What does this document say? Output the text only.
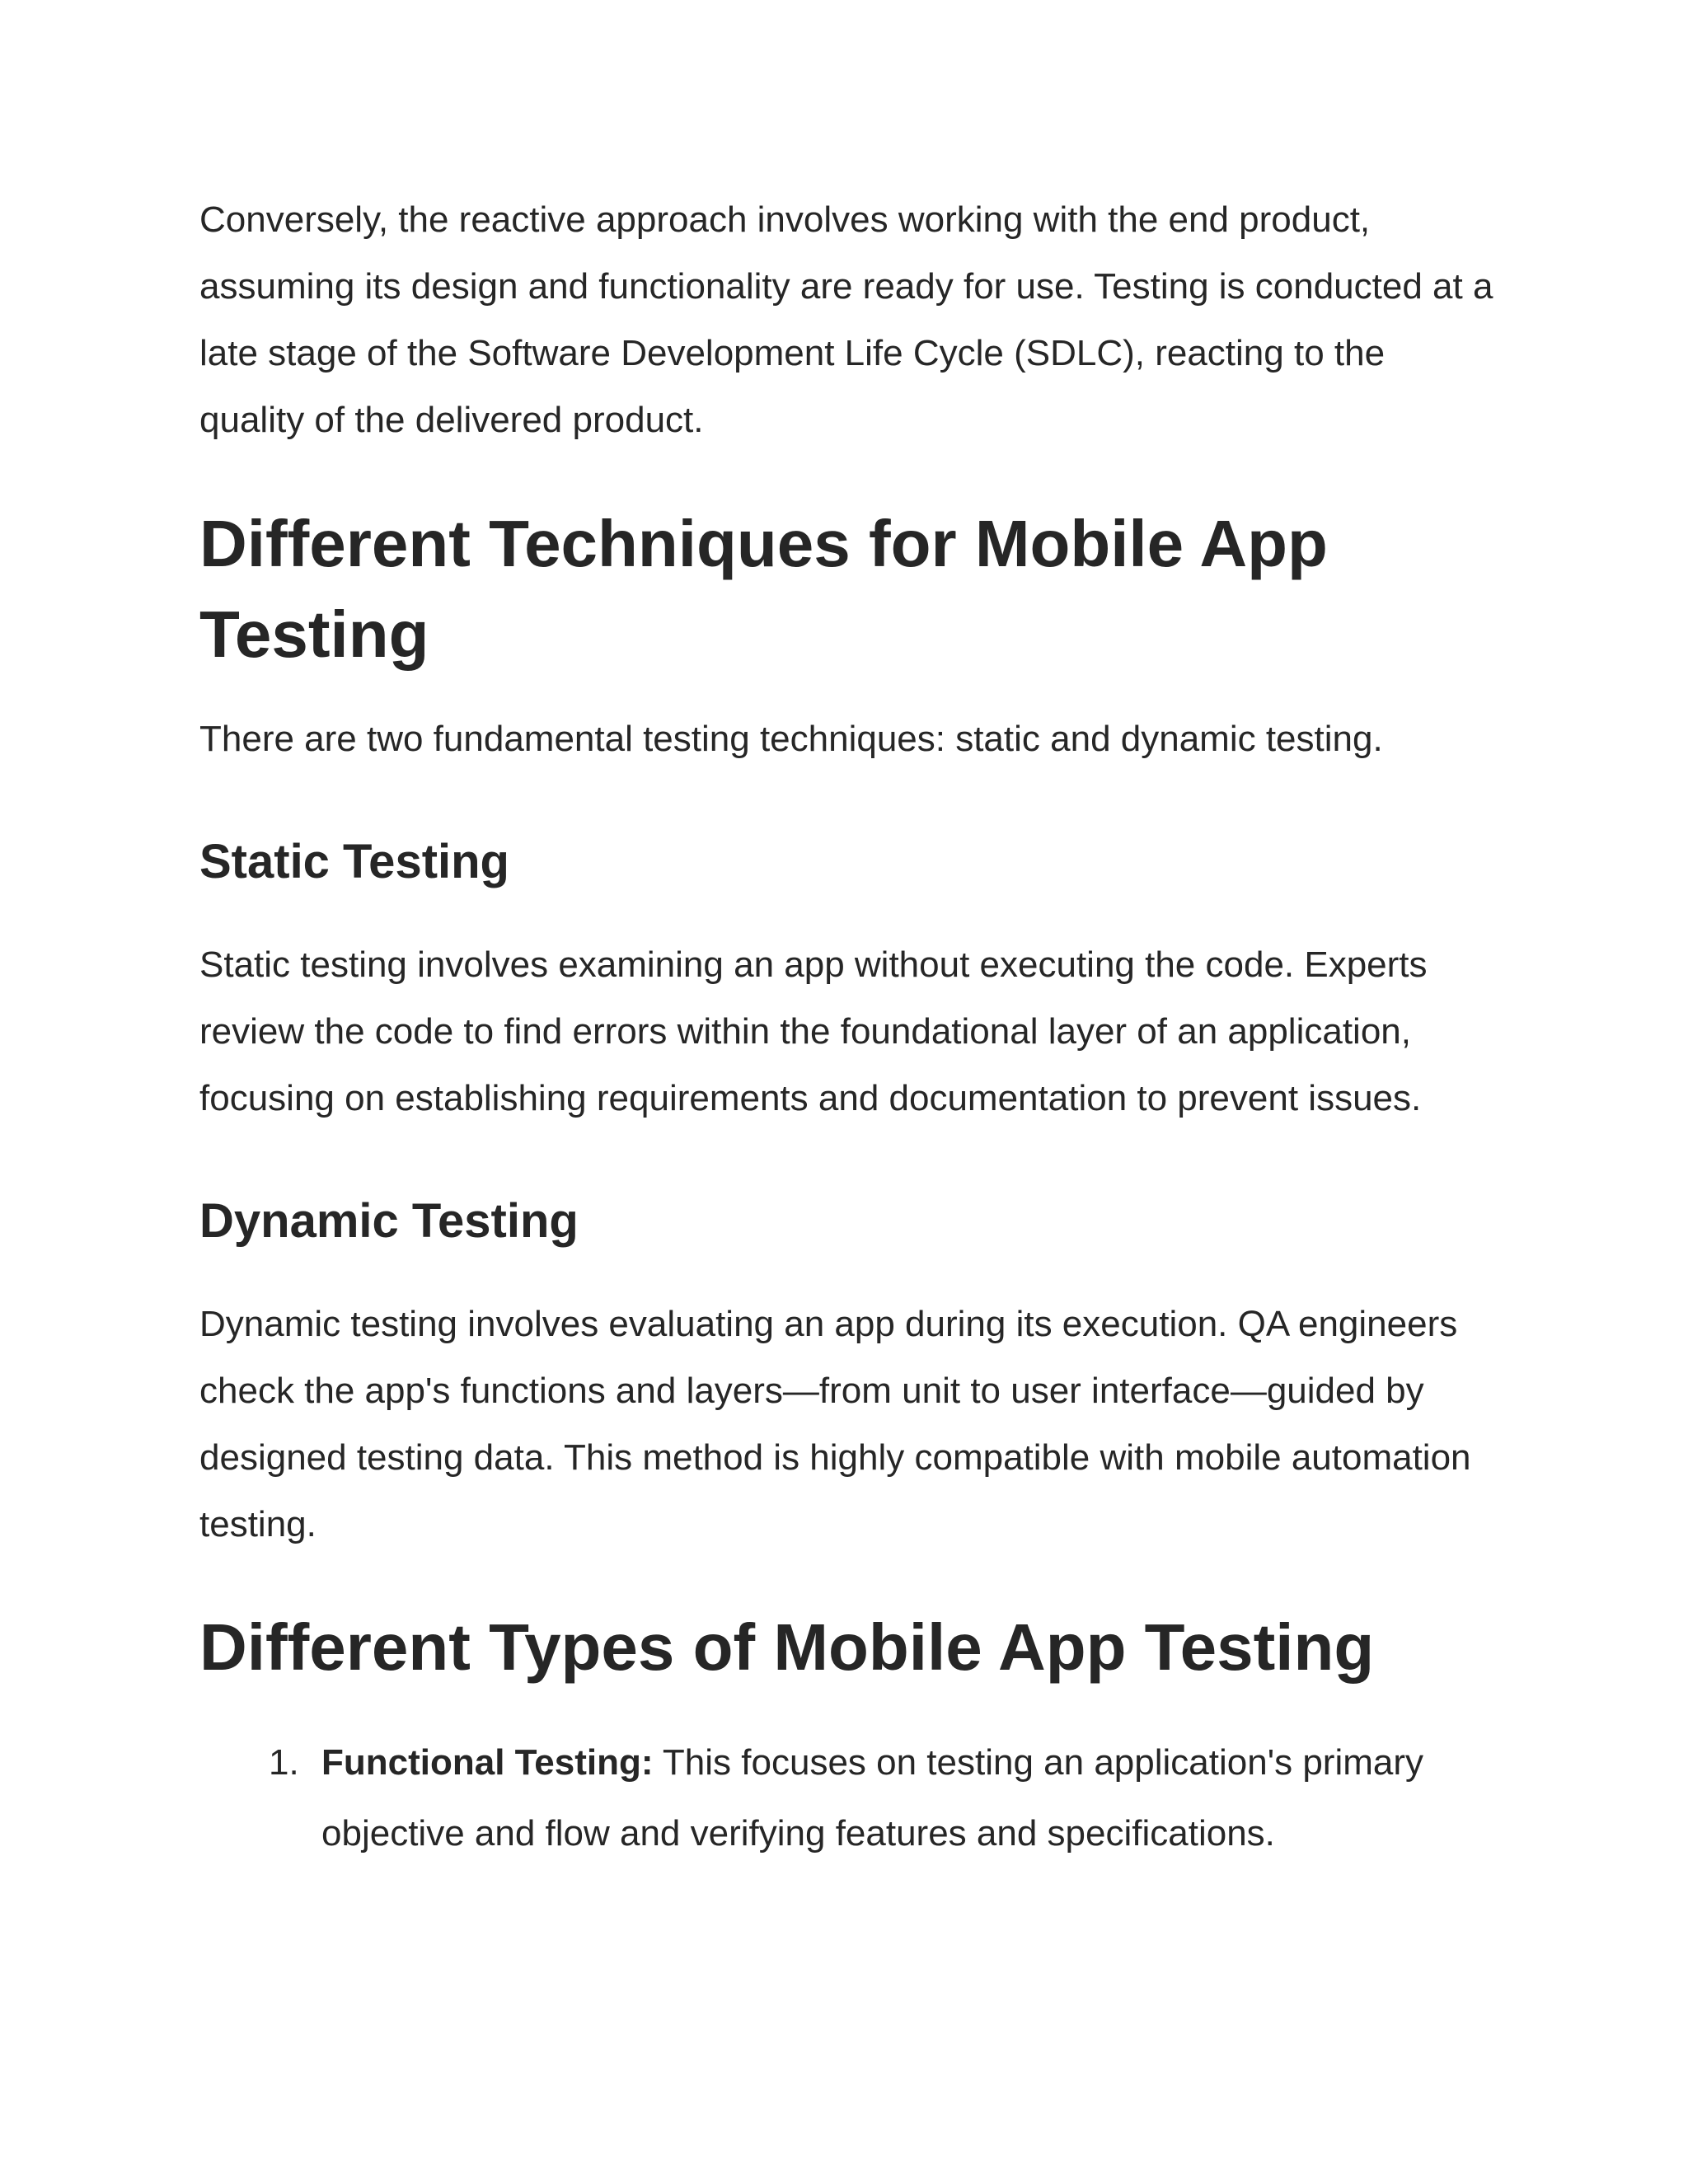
Conversely, the reactive approach involves working with the end product, assuming its design and functionality are ready for use. Testing is conducted at a late stage of the Software Development Life Cycle (SDLC), reacting to the quality of the delivered product.

Different Techniques for Mobile App Testing

There are two fundamental testing techniques: static and dynamic testing.

Static Testing

Static testing involves examining an app without executing the code. Experts review the code to find errors within the foundational layer of an application, focusing on establishing requirements and documentation to prevent issues.

Dynamic Testing

Dynamic testing involves evaluating an app during its execution. QA engineers check the app's functions and layers—from unit to user interface—guided by designed testing data. This method is highly compatible with mobile automation testing.

Different Types of Mobile App Testing
1. Functional Testing: This focuses on testing an application's primary objective and flow and verifying features and specifications.
